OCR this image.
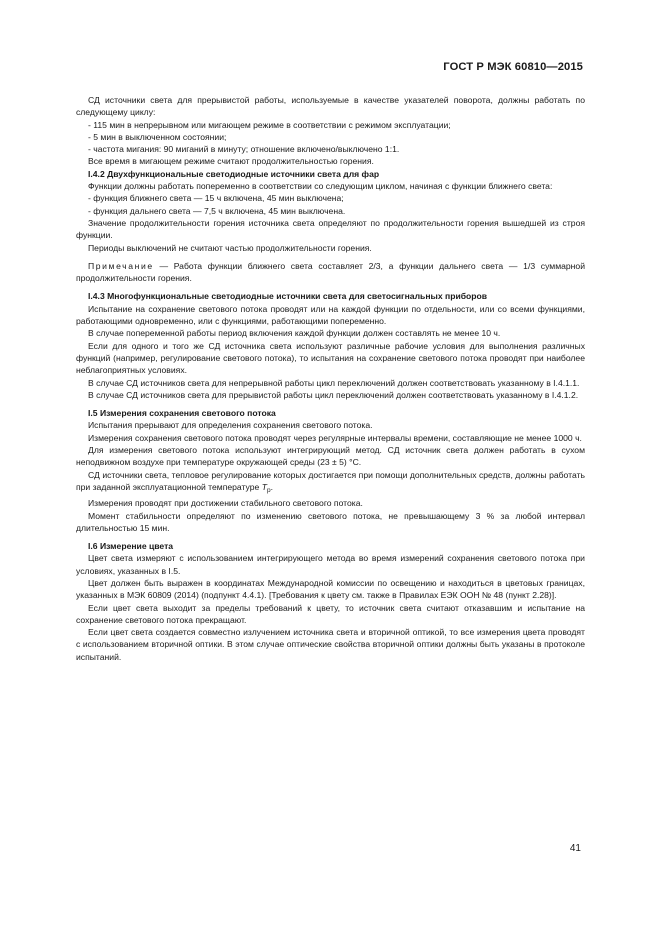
ГОСТ Р МЭК 60810—2015

СД источники света для прерывистой работы, используемые в качестве указателей поворота, должны работать по следующему циклу:

- 115 мин в непрерывном или мигающем режиме в соответствии с режимом эксплуатации;

- 5 мин в выключенном состоянии;

- частота мигания: 90 миганий в минуту; отношение включено/выключено 1:1.

Все время в мигающем режиме считают продолжительностью горения.

I.4.2 Двухфункциональные светодиодные источники света для фар

Функции должны работать попеременно в соответствии со следующим циклом, начиная с функции ближнего света:

- функция ближнего света — 15 ч включена, 45 мин выключена;

- функция дальнего света — 7,5 ч включена, 45 мин выключена.

Значение продолжительности горения источника света определяют по продолжительности горения вышедшей из строя функции.

Периоды выключений не считают частью продолжительности горения.

Примечание — Работа функции ближнего света составляет 2/3, а функции дальнего света — 1/3 суммарной продолжительности горения.

I.4.3 Многофункциональные светодиодные источники света для светосигнальных приборов

Испытание на сохранение светового потока проводят или на каждой функции по отдельности, или со всеми функциями, работающими одновременно, или с функциями, работающими попеременно.

В случае попеременной работы период включения каждой функции должен составлять не менее 10 ч.

Если для одного и того же СД источника света используют различные рабочие условия для выполнения различных функций (например, регулирование светового потока), то испытания на сохранение светового потока проводят при наиболее неблагоприятных условиях.

В случае СД источников света для непрерывной работы цикл переключений должен соответствовать указанному в I.4.1.1.

В случае СД источников света для прерывистой работы цикл переключений должен соответствовать указанному в I.4.1.2.

I.5 Измерения сохранения светового потока

Испытания прерывают для определения сохранения светового потока.

Измерения сохранения светового потока проводят через регулярные интервалы времени, составляющие не менее 1000 ч.

Для измерения светового потока используют интегрирующий метод. СД источник света должен работать в сухом неподвижном воздухе при температуре окружающей среды (23 ± 5) °С.

СД источники света, тепловое регулирование которых достигается при помощи дополнительных средств, должны работать при заданной эксплуатационной температуре $T_p$.

Измерения проводят при достижении стабильного светового потока.

Момент стабильности определяют по изменению светового потока, не превышающему 3 % за любой интервал длительностью 15 мин.

I.6 Измерение цвета

Цвет света измеряют с использованием интегрирующего метода во время измерений сохранения светового потока при условиях, указанных в I.5.

Цвет должен быть выражен в координатах Международной комиссии по освещению и находиться в цветовых границах, указанных в МЭК 60809 (2014) (подпункт 4.4.1). [Требования к цвету см. также в Правилах ЕЭК ООН № 48 (пункт 2.28)].

Если цвет света выходит за пределы требований к цвету, то источник света считают отказавшим и испытание на сохранение светового потока прекращают.

Если цвет света создается совместно излучением источника света и вторичной оптикой, то все измерения цвета проводят с использованием вторичной оптики. В этом случае оптические свойства вторичной оптики должны быть указаны в протоколе испытаний.

41
